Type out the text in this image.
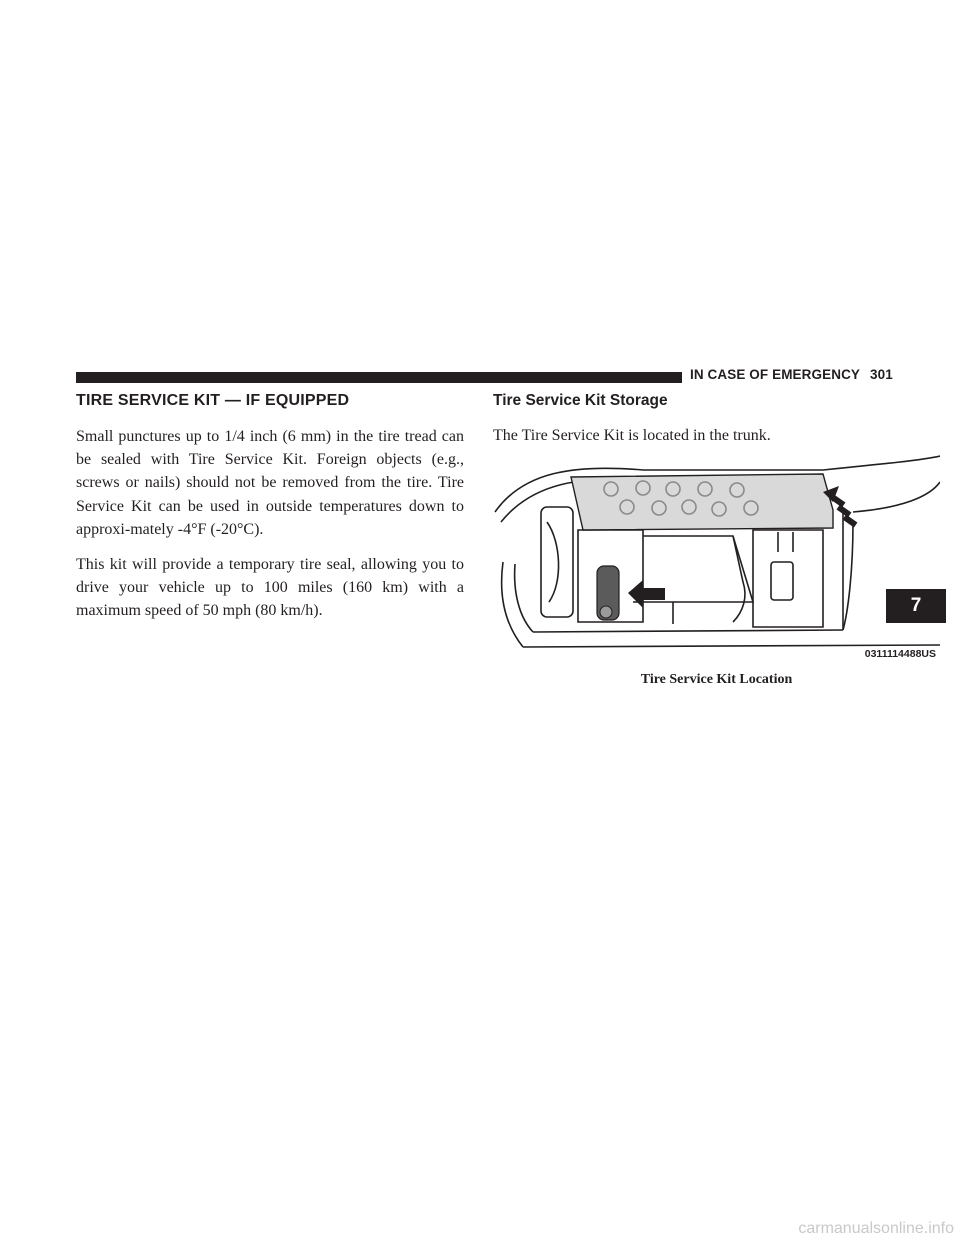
IN CASE OF EMERGENCY 301
TIRE SERVICE KIT — IF EQUIPPED

Small punctures up to 1/4 inch (6 mm) in the tire tread can be sealed with Tire Service Kit. Foreign objects (e.g., screws or nails) should not be removed from the tire. Tire Service Kit can be used in outside temperatures down to approxi-mately -4°F (-20°C).

This kit will provide a temporary tire seal, allowing you to drive your vehicle up to 100 miles (160 km) with a maximum speed of 50 mph (80 km/h).

Tire Service Kit Storage

The Tire Service Kit is located in the trunk.

0311114488US
Tire Service Kit Location
7
carmanualsonline.info
